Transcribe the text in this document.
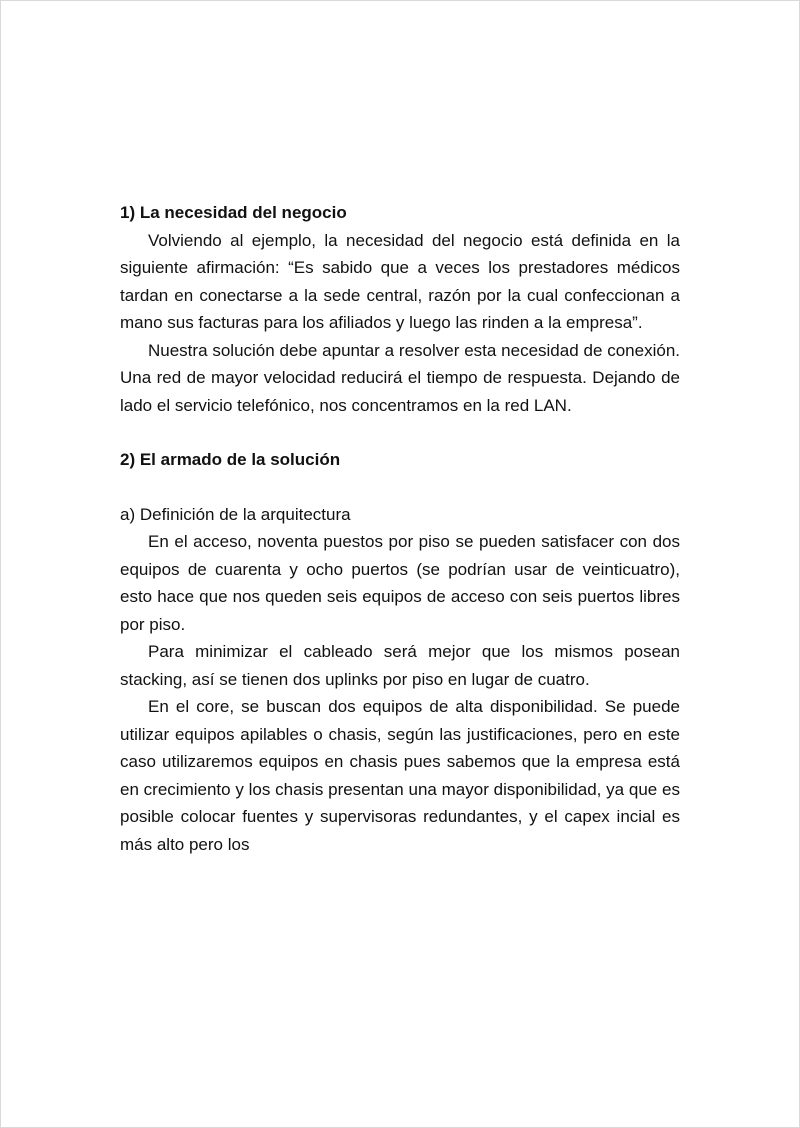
1) La necesidad del negocio

Volviendo al ejemplo, la necesidad del negocio está definida en la siguiente afirmación: “Es sabido que a veces los prestadores médicos tardan en conectarse a la sede central, razón por la cual confeccionan a mano sus facturas para los afiliados y luego las rinden a la empresa”.

Nuestra solución debe apuntar a resolver esta necesidad de conexión. Una red de mayor velocidad reducirá el tiempo de respuesta. Dejando de lado el servicio telefónico, nos concentramos en la red LAN.

2) El armado de la solución

a) Definición de la arquitectura

En el acceso, noventa puestos por piso se pueden satisfacer con dos equipos de cuarenta y ocho puertos (se podrían usar de veinticuatro), esto hace que nos queden seis equipos de acceso con seis puertos libres por piso.

Para minimizar el cableado será mejor que los mismos posean stacking, así se tienen dos uplinks por piso en lugar de cuatro.

En el core, se buscan dos equipos de alta disponibilidad. Se puede utilizar equipos apilables o chasis, según las justificaciones, pero en este caso utilizaremos equipos en chasis pues sabemos que la empresa está en crecimiento y los chasis presentan una mayor disponibilidad, ya que es posible colocar fuentes y supervisoras redundantes, y el capex incial es más alto pero los
